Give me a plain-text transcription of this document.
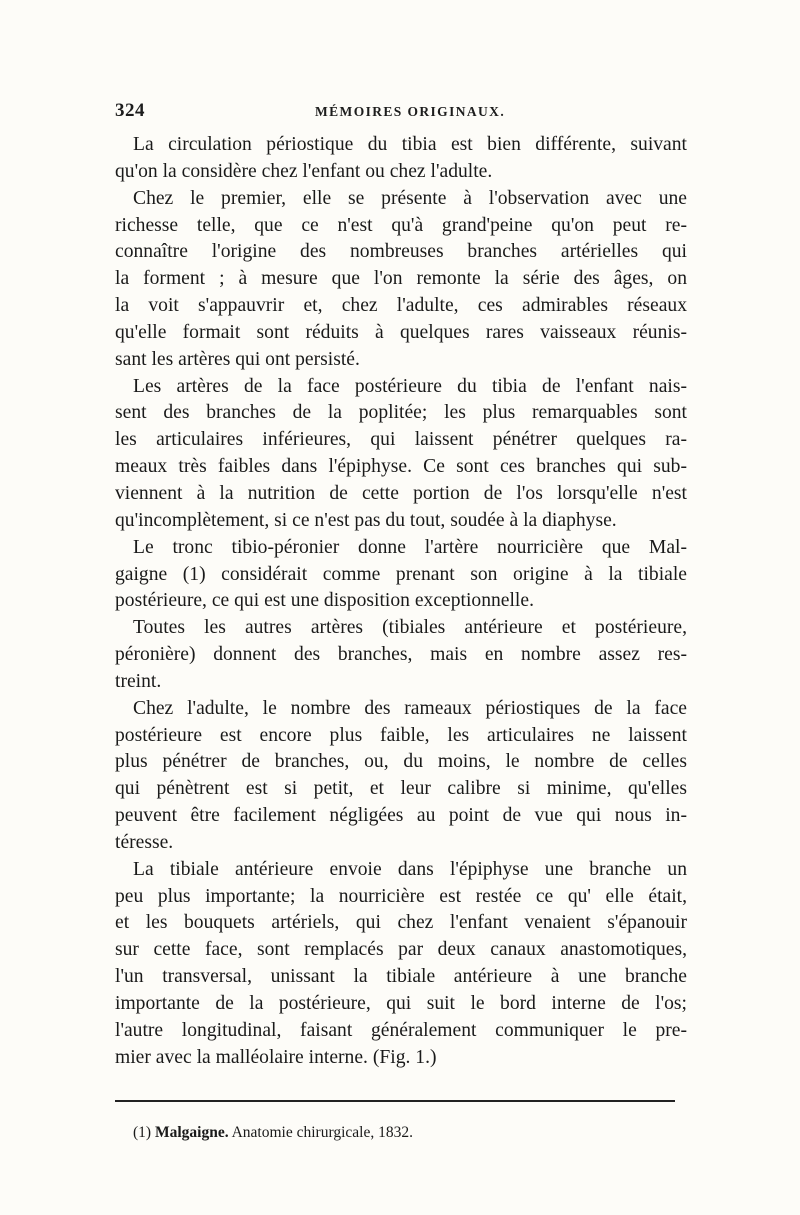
324	MÉMOIRES ORIGINAUX.

La circulation périostique du tibia est bien différente, suivant
qu'on la considère chez l'enfant ou chez l'adulte.

Chez le premier, elle se présente à l'observation avec une
richesse telle, que ce n'est qu'à grand'peine qu'on peut re-
connaître l'origine des nombreuses branches artérielles qui
la forment ; à mesure que l'on remonte la série des âges, on
la voit s'appauvrir et, chez l'adulte, ces admirables réseaux
qu'elle formait sont réduits à quelques rares vaisseaux réunis-
sant les artères qui ont persisté.

Les artères de la face postérieure du tibia de l'enfant nais-
sent des branches de la poplitée; les plus remarquables sont
les articulaires inférieures, qui laissent pénétrer quelques ra-
meaux très faibles dans l'épiphyse. Ce sont ces branches qui sub-
viennent à la nutrition de cette portion de l'os lorsqu'elle n'est
qu'incomplètement, si ce n'est pas du tout, soudée à la diaphyse.

Le tronc tibio-péronier donne l'artère nourricière que Mal-
gaigne (1) considérait comme prenant son origine à la tibiale
postérieure, ce qui est une disposition exceptionnelle.

Toutes les autres artères (tibiales antérieure et postérieure,
péronière) donnent des branches, mais en nombre assez res-
treint.

Chez l'adulte, le nombre des rameaux périostiques de la face
postérieure est encore plus faible, les articulaires ne laissent
plus pénétrer de branches, ou, du moins, le nombre de celles
qui pénètrent est si petit, et leur calibre si minime, qu'elles
peuvent être facilement négligées au point de vue qui nous in-
téresse.

La tibiale antérieure envoie dans l'épiphyse une branche un
peu plus importante; la nourricière est restée ce qu' elle était,
et les bouquets artériels, qui chez l'enfant venaient s'épanouir
sur cette face, sont remplacés par deux canaux anastomotiques,
l'un transversal, unissant la tibiale antérieure à une branche
importante de la postérieure, qui suit le bord interne de l'os;
l'autre longitudinal, faisant généralement communiquer le pre-
mier avec la malléolaire interne. (Fig. 1.)

(1) Malgaigne. Anatomie chirurgicale, 1832.
